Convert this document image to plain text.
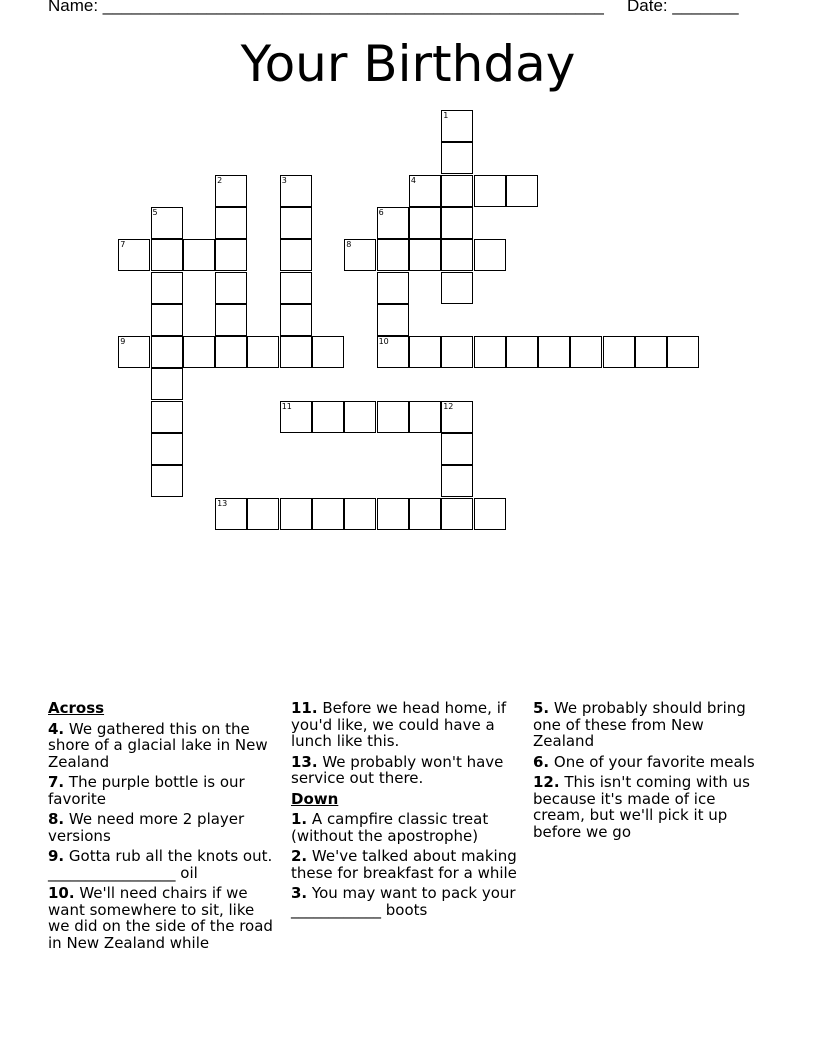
Name: _____________________________________________________ Date: _______
Your Birthday
1
2	3	4
5	6
7	8
9	10
11	12
13
Across
4. We gathered this on the shore of a glacial lake in New Zealand
7. The purple bottle is our favorite
8. We need more 2 player versions
9. Gotta rub all the knots out. _________________ oil
10. We'll need chairs if we want somewhere to sit, like we did on the side of the road in New Zealand while
11. Before we head home, if you'd like, we could have a lunch like this.
13. We probably won't have service out there.
Down
1. A campfire classic treat (without the apostrophe)
2. We've talked about making these for breakfast for a while
3. You may want to pack your ____________ boots
5. We probably should bring one of these from New Zealand
6. One of your favorite meals
12. This isn't coming with us because it's made of ice cream, but we'll pick it up before we go
